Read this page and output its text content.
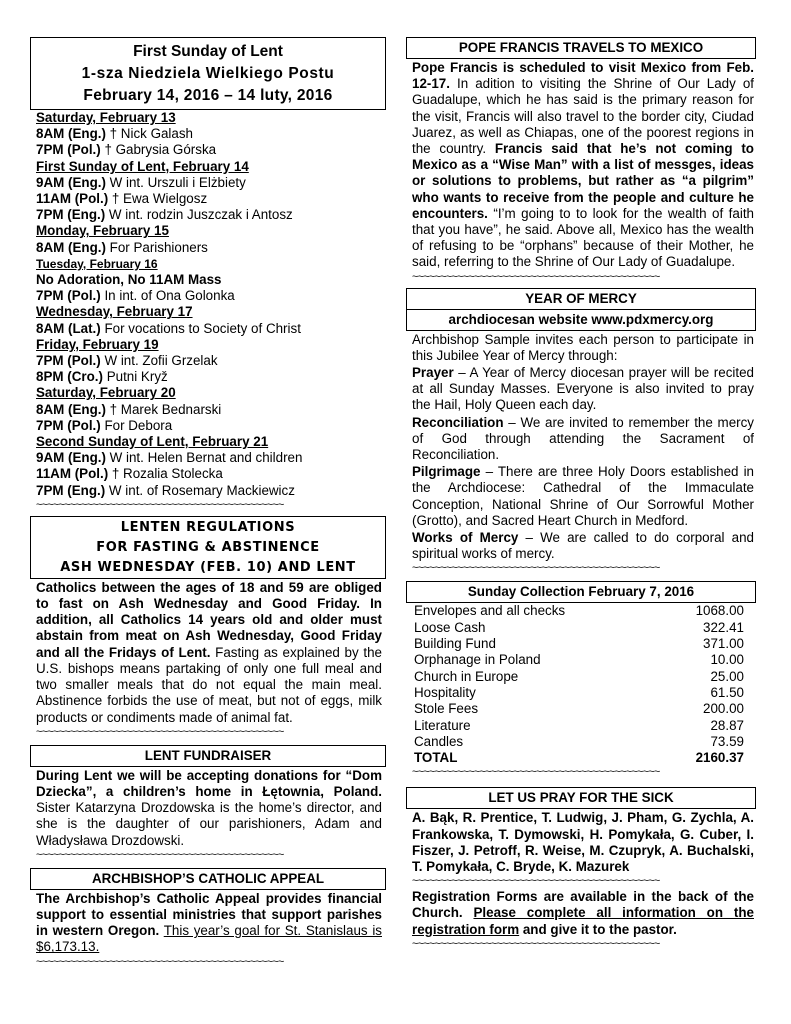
First Sunday of Lent
1-sza Niedziela Wielkiego Postu
February 14, 2016 – 14 luty, 2016
Saturday, February 13
8AM (Eng.) † Nick Galash
7PM (Pol.) † Gabrysia Górska
First Sunday of Lent, February 14
9AM (Eng.) W int. Urszuli i Elżbiety
11AM (Pol.) † Ewa Wielgosz
7PM (Eng.) W int. rodzin Juszczak i Antosz
Monday, February 15
8AM (Eng.) For Parishioners
Tuesday, February 16
No Adoration, No 11AM Mass
7PM (Pol.) In int. of Ona Golonka
Wednesday, February 17
8AM (Lat.) For vocations to Society of Christ
Friday, February 19
7PM (Pol.) W int. Zofii Grzelak
8PM (Cro.) Putni Kryž
Saturday, February 20
8AM (Eng.) † Marek Bednarski
7PM (Pol.) For Debora
Second Sunday of Lent, February 21
9AM (Eng.) W int. Helen Bernat and children
11AM (Pol.) † Rozalia Stolecka
7PM (Eng.) W int. of Rosemary Mackiewicz
~~~~~~~~~~~~~~~~~~~~~~~~~~~~~~~~~~~~~~~~~~~~
LENTEN REGULATIONS
FOR FASTING & ABSTINENCE
ASH WEDNESDAY (FEB. 10) AND LENT
Catholics between the ages of 18 and 59 are obliged to fast on Ash Wednesday and Good Friday. In addition, all Catholics 14 years old and older must abstain from meat on Ash Wednesday, Good Friday and all the Fridays of Lent. Fasting as explained by the U.S. bishops means partaking of only one full meal and two smaller meals that do not equal the main meal. Abstinence forbids the use of meat, but not of eggs, milk products or condiments made of animal fat.
~~~~~~~~~~~~~~~~~~~~~~~~~~~~~~~~~~~~~~~~~~~~
LENT FUNDRAISER
During Lent we will be accepting donations for “Dom Dziecka”, a children’s home in Łętownia, Poland. Sister Katarzyna Drozdowska is the home’s director, and she is the daughter of our parishioners, Adam and Władysława Drozdowski.
~~~~~~~~~~~~~~~~~~~~~~~~~~~~~~~~~~~~~~~~~~~~
ARCHBISHOP’S CATHOLIC APPEAL
The Archbishop’s Catholic Appeal provides financial support to essential ministries that support parishes in western Oregon. This year’s goal for St. Stanislaus is $6,173.13.
~~~~~~~~~~~~~~~~~~~~~~~~~~~~~~~~~~~~~~~~~~~~
POPE FRANCIS TRAVELS TO MEXICO
Pope Francis is scheduled to visit Mexico from Feb. 12-17. In adition to visiting the Shrine of Our Lady of Guadalupe, which he has said is the primary reason for the visit, Francis will also travel to the border city, Ciudad Juarez, as well as Chiapas, one of the poorest regions in the country. Francis said that he’s not coming to Mexico as a “Wise Man” with a list of messges, ideas or solutions to problems, but rather as “a pilgrim” who wants to receive from the people and culture he encounters. “I’m going to to look for the wealth of faith that you have”, he said. Above all, Mexico has the wealth of refusing to be “orphans” because of their Mother, he said, referring to the Shrine of Our Lady of Guadalupe.
~~~~~~~~~~~~~~~~~~~~~~~~~~~~~~~~~~~~~~~~~~~~
YEAR OF MERCY
archdiocesan website www.pdxmercy.org
Archbishop Sample invites each person to participate in this Jubilee Year of Mercy through:
Prayer – A Year of Mercy diocesan prayer will be recited at all Sunday Masses. Everyone is also invited to pray the Hail, Holy Queen each day.
Reconciliation – We are invited to remember the mercy of God through attending the Sacrament of Reconciliation.
Pilgrimage – There are three Holy Doors established in the Archdiocese: Cathedral of the Immaculate Conception, National Shrine of Our Sorrowful Mother (Grotto), and Sacred Heart Church in Medford.
Works of Mercy – We are called to do corporal and spiritual works of mercy.
~~~~~~~~~~~~~~~~~~~~~~~~~~~~~~~~~~~~~~~~~~~~
Sunday Collection February 7, 2016
Envelopes and all checks	1068.00
Loose Cash	322.41
Building Fund	371.00
Orphanage in Poland	10.00
Church in Europe	25.00
Hospitality	61.50
Stole Fees	200.00
Literature	28.87
Candles	73.59
TOTAL	2160.37
~~~~~~~~~~~~~~~~~~~~~~~~~~~~~~~~~~~~~~~~~~~~
LET US PRAY FOR THE SICK
A. Bąk, R. Prentice, T. Ludwig, J. Pham, G. Zychla, A. Frankowska, T. Dymowski, H. Pomykała, G. Cuber, I. Fiszer, J. Petroff, R. Weise, M. Czupryk, A. Buchalski, T. Pomykała, C. Bryde, K. Mazurek
~~~~~~~~~~~~~~~~~~~~~~~~~~~~~~~~~~~~~~~~~~~~
Registration Forms are available in the back of the Church. Please complete all information on the registration form and give it to the pastor.
~~~~~~~~~~~~~~~~~~~~~~~~~~~~~~~~~~~~~~~~~~~~
